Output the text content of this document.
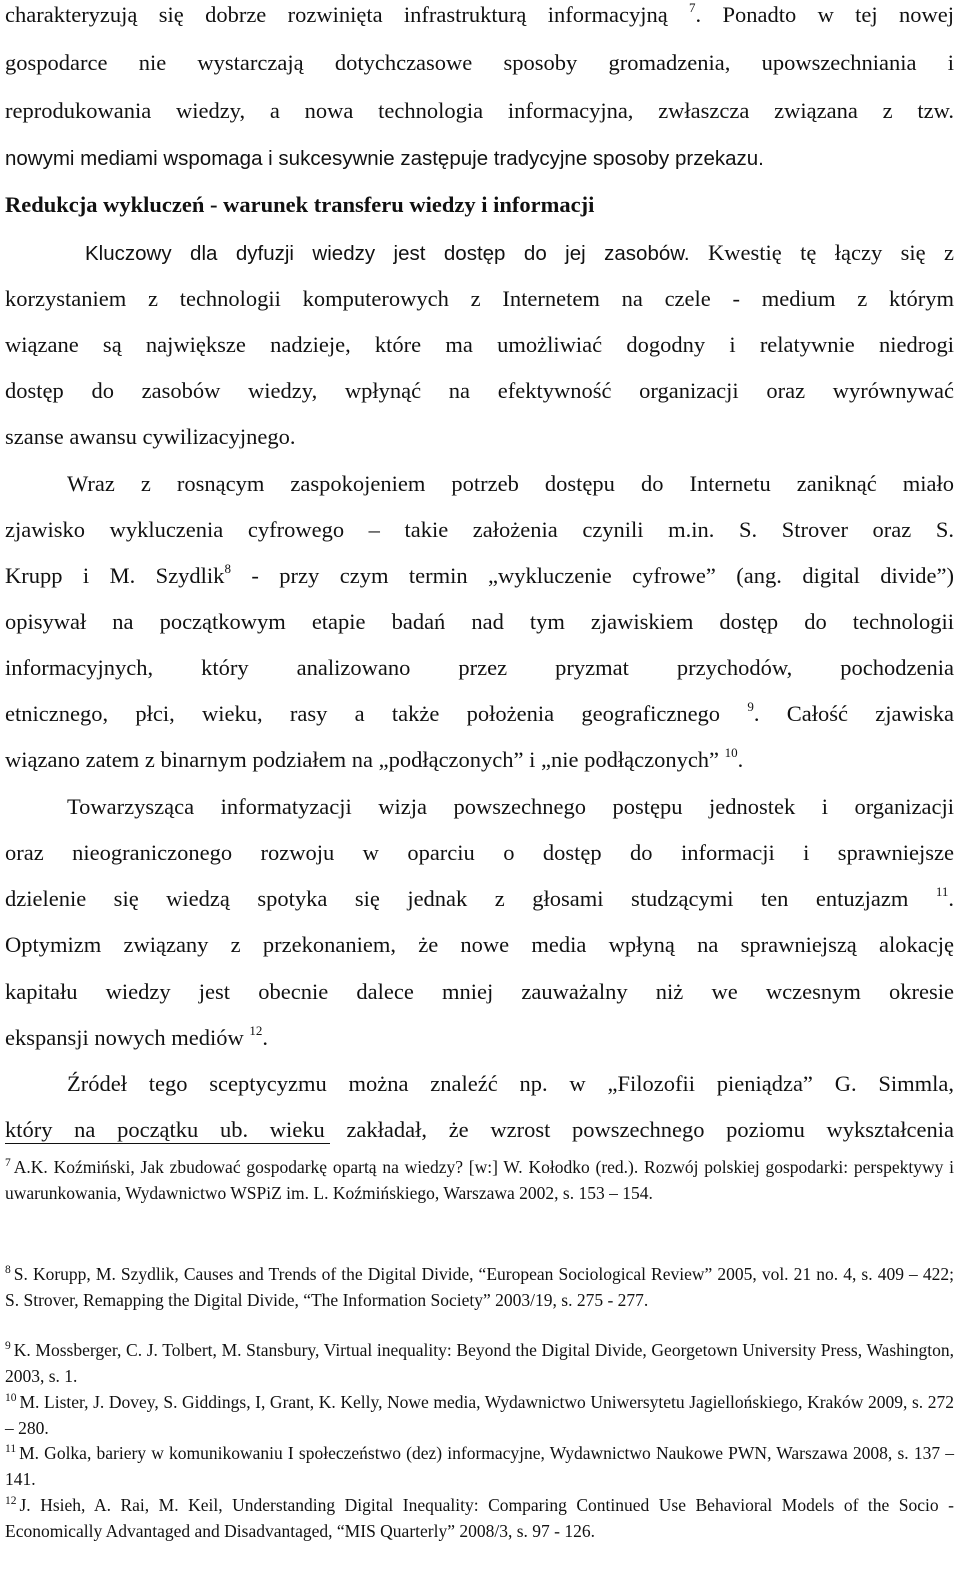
charakteryzują się dobrze rozwinięta infrastrukturą informacyjną $^7$. Ponadto w tej nowej
gospodarce nie wystarczają dotychczasowe sposoby gromadzenia, upowszechniania i
reprodukowania wiedzy, a nowa technologia informacyjna, zwłaszcza związana z tzw.
nowymi mediami wspomaga i sukcesywnie zastępuje tradycyjne sposoby przekazu.
Redukcja wykluczeń - warunek transferu wiedzy i informacji
Kluczowy dla dyfuzji wiedzy jest dostęp do jej zasobów. Kwestię tę łączy się z
korzystaniem z technologii komputerowych z Internetem na czele - medium z którym
wiązane są największe nadzieje, które ma umożliwiać dogodny i relatywnie niedrogi
dostęp do zasobów wiedzy, wpłynąć na efektywność organizacji oraz wyrównywać
szanse awansu cywilizacyjnego.
Wraz z rosnącym zaspokojeniem potrzeb dostępu do Internetu zaniknąć miało
zjawisko wykluczenia cyfrowego – takie założenia czynili m.in. S. Strover oraz S.
Krupp i M. Szydlik$^8$ - przy czym termin „wykluczenie cyfrowe” (ang. digital divide”)
opisywał na początkowym etapie badań nad tym zjawiskiem dostęp do technologii
informacyjnych, który analizowano przez pryzmat przychodów, pochodzenia
etnicznego, płci, wieku, rasy a także położenia geograficznego $^9$. Całość zjawiska
wiązano zatem z binarnym podziałem na „podłączonych” i „nie podłączonych” $^{10}$.
Towarzysząca informatyzacji wizja powszechnego postępu jednostek i organizacji
oraz nieograniczonego rozwoju w oparciu o dostęp do informacji i sprawniejsze
dzielenie się wiedzą spotyka się jednak z głosami studzącymi ten entuzjazm $^{11}$.
Optymizm związany z przekonaniem, że nowe media wpłyną na sprawniejszą alokację
kapitału wiedzy jest obecnie dalece mniej zauważalny niż we wczesnym okresie
ekspansji nowych mediów $^{12}$.
Źródeł tego sceptycyzmu można znaleźć np. w „Filozofii pieniądza” G. Simmla,
który na początku ub. wieku zakładał, że wzrost powszechnego poziomu wykształcenia
$^7$ A.K. Koźmiński, Jak zbudować gospodarkę opartą na wiedzy? [w:] W. Kołodko (red.). Rozwój polskiej gospodarki: perspektywy i uwarunkowania, Wydawnictwo WSPiZ im. L. Koźmińskiego, Warszawa 2002, s. 153 – 154.
$^8$ S. Korupp, M. Szydlik, Causes and Trends of the Digital Divide, “European Sociological Review” 2005, vol. 21 no. 4, s. 409 – 422; S. Strover, Remapping the Digital Divide, “The Information Society” 2003/19, s. 275 - 277.
$^9$ K. Mossberger, C. J. Tolbert, M. Stansbury, Virtual inequality: Beyond the Digital Divide, Georgetown University Press, Washington, 2003, s. 1.
$^{10}$ M. Lister, J. Dovey, S. Giddings, I, Grant, K. Kelly, Nowe media, Wydawnictwo Uniwersytetu Jagiellońskiego, Kraków 2009, s. 272 – 280.
$^{11}$ M. Golka, bariery w komunikowaniu I społeczeństwo (dez) informacyjne, Wydawnictwo Naukowe PWN, Warszawa 2008, s. 137 – 141.
$^{12}$ J. Hsieh, A. Rai, M. Keil, Understanding Digital Inequality: Comparing Continued Use Behavioral Models of the Socio -Economically Advantaged and Disadvantaged, “MIS Quarterly” 2008/3, s. 97 - 126.
